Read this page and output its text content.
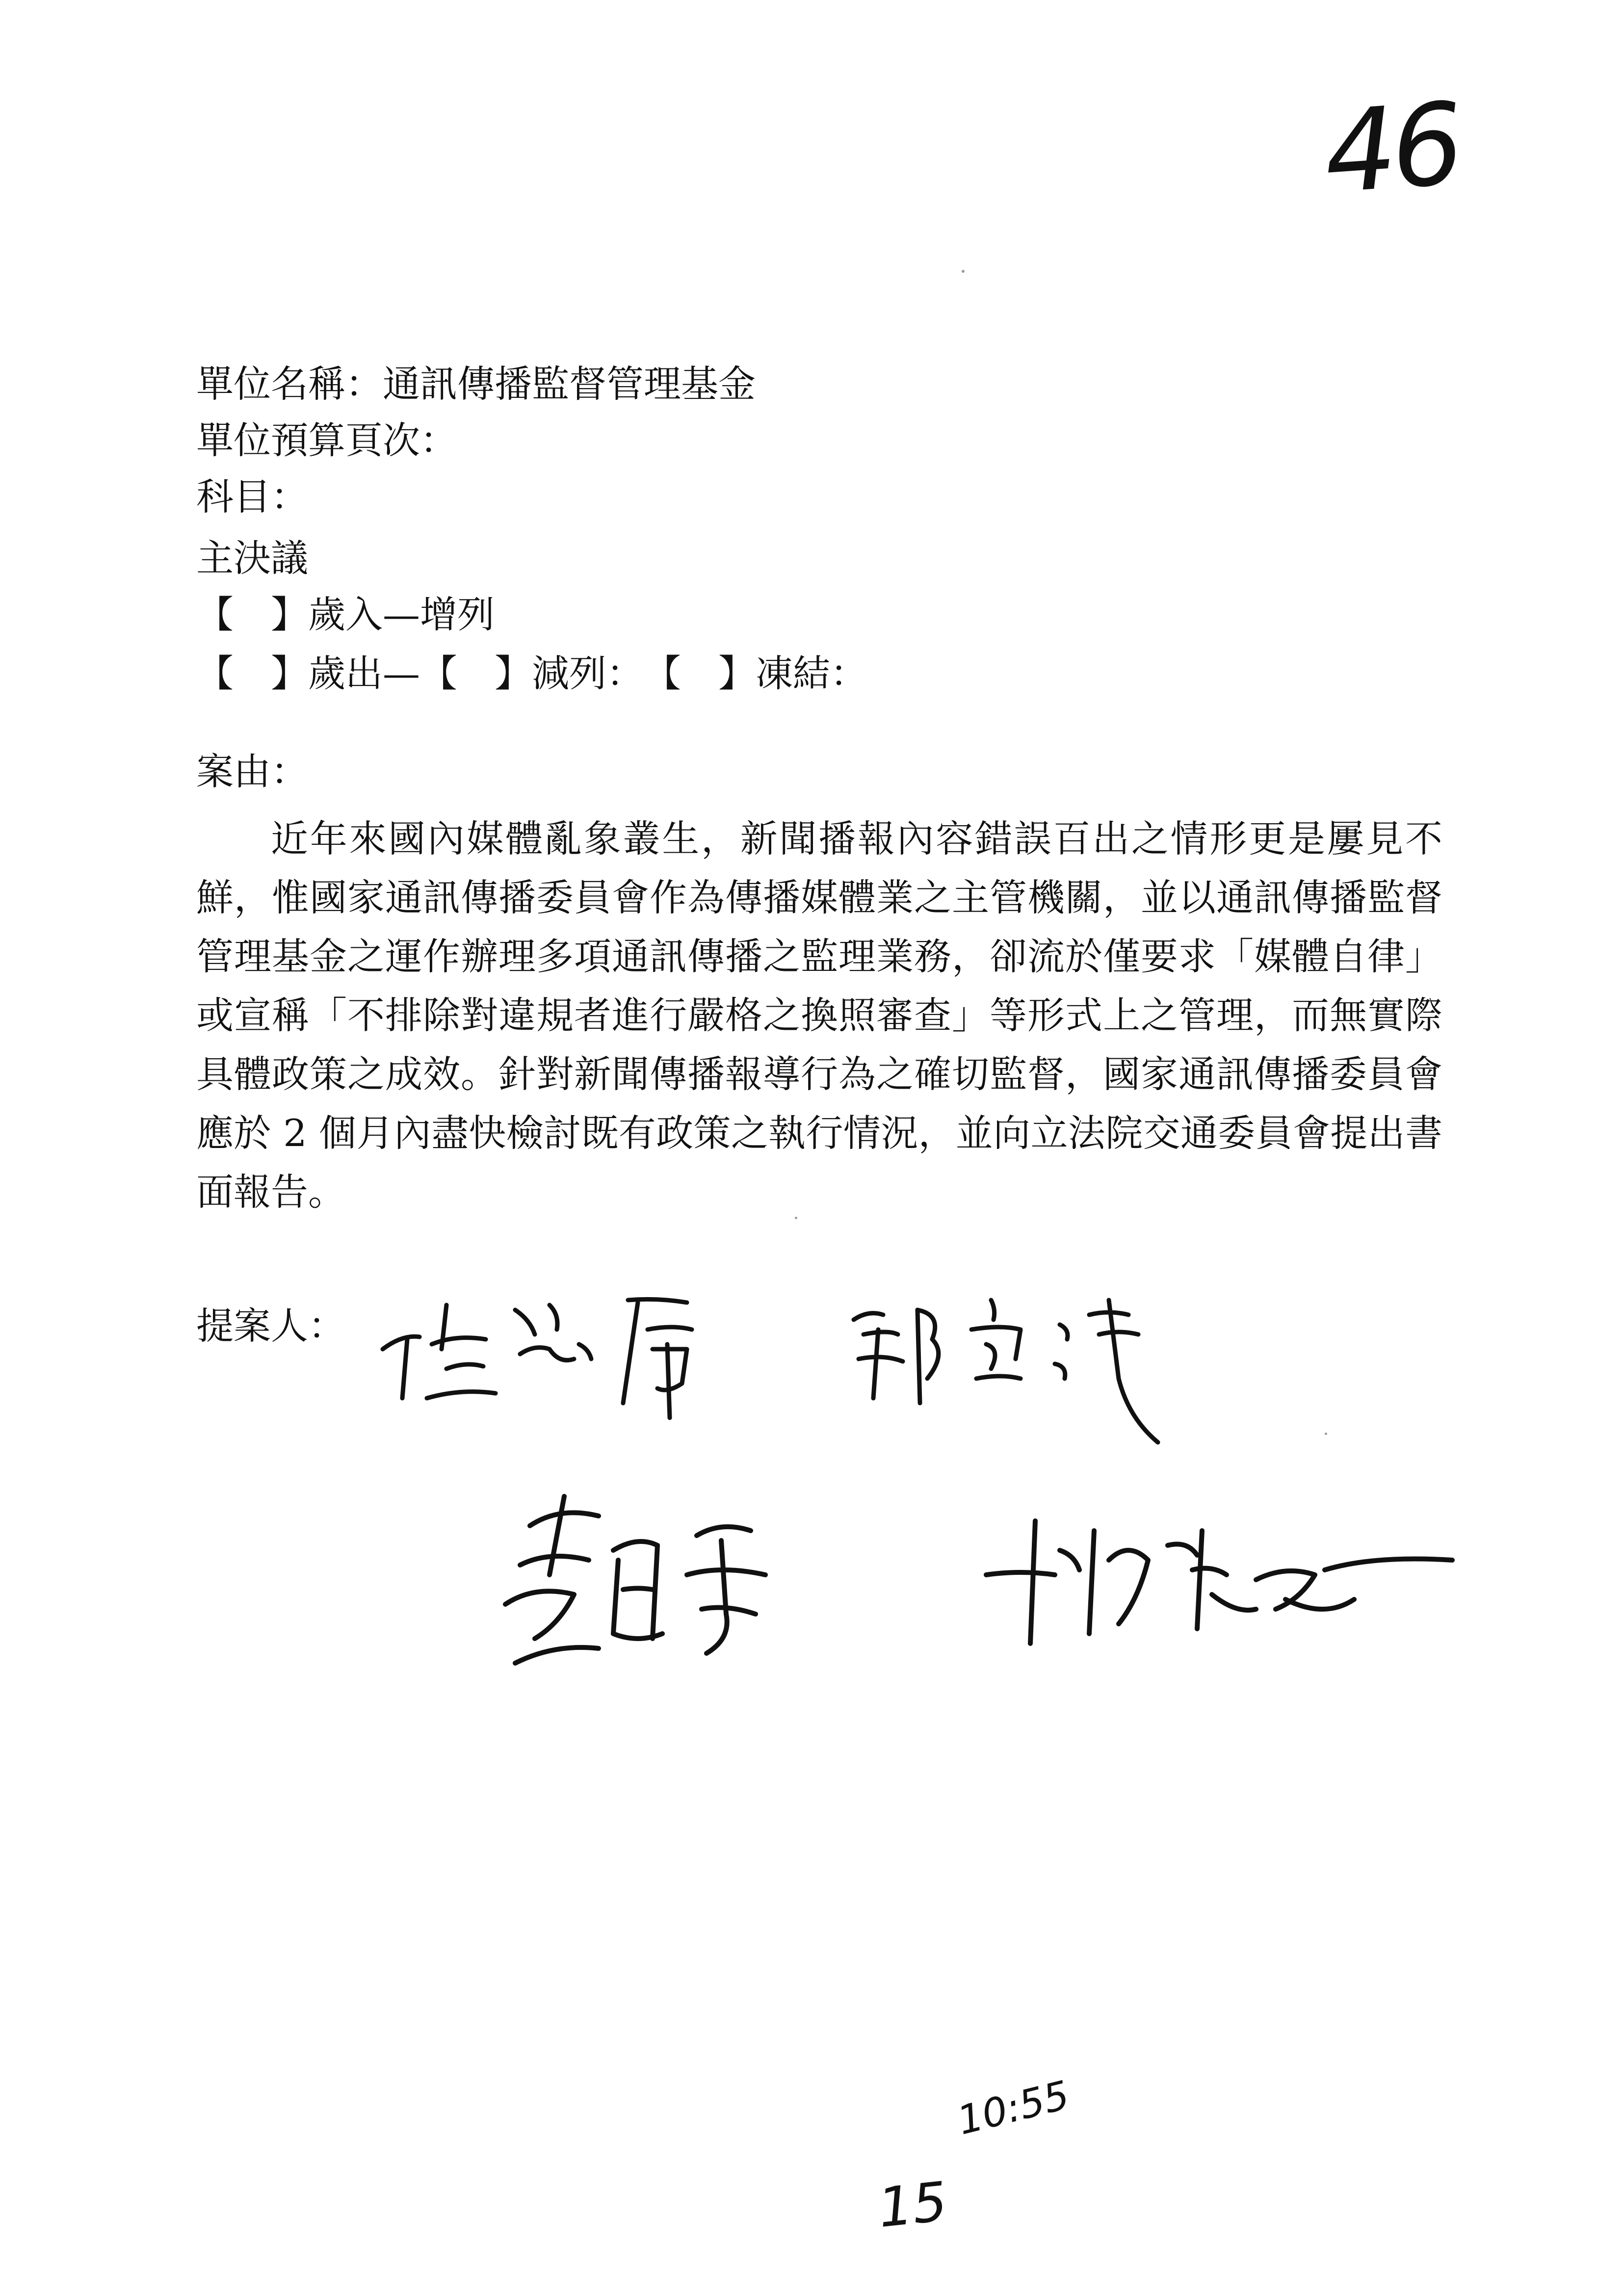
46
單位名稱：通訊傳播監督管理基金
單位預算頁次：
科目：
主決議
【　】歲入—增列
【　】歲出—【　】減列：　【　】凍結：
案由：

近年來國內媒體亂象叢生，新聞播報內容錯誤百出之情形更是屢見不鮮，惟國家通訊傳播委員會作為傳播媒體業之主管機關，並以通訊傳播監督管理基金之運作辦理多項通訊傳播之監理業務，卻流於僅要求「媒體自律」或宣稱「不排除對違規者進行嚴格之換照審查」等形式上之管理，而無實際具體政策之成效。針對新聞傳播報導行為之確切監督，國家通訊傳播委員會應於 2 個月內盡快檢討既有政策之執行情況，並向立法院交通委員會提出書面報告。

提案人：
10:55
15
